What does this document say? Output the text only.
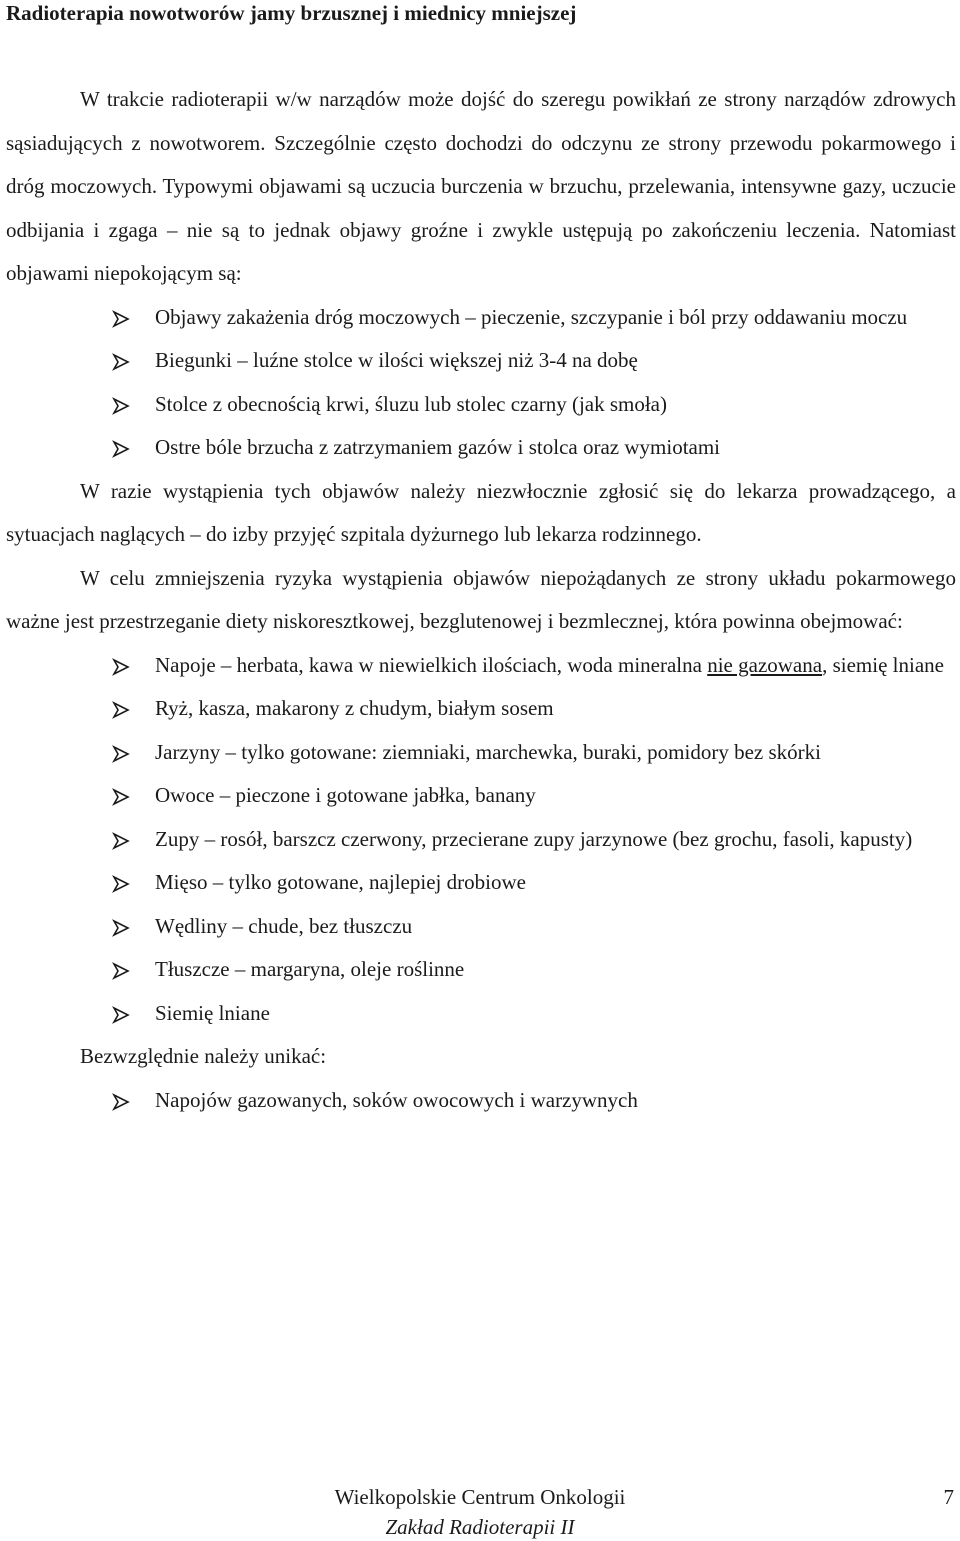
Radioterapia nowotworów jamy brzusznej i miednicy mniejszej

W trakcie radioterapii w/w narządów może dojść do szeregu powikłań ze strony narządów zdrowych sąsiadujących z nowotworem. Szczególnie często dochodzi do odczynu ze strony przewodu pokarmowego i dróg moczowych. Typowymi objawami są uczucia burczenia w brzuchu, przelewania, intensywne gazy, uczucie odbijania i zgaga – nie są to jednak objawy groźne i zwykle ustępują po zakończeniu leczenia. Natomiast objawami niepokojącym są:

Objawy zakażenia dróg moczowych – pieczenie, szczypanie i ból przy oddawaniu moczu
Biegunki – luźne stolce w ilości większej niż 3-4 na dobę
Stolce z obecnością krwi, śluzu lub stolec czarny (jak smoła)
Ostre bóle brzucha z zatrzymaniem gazów i stolca oraz wymiotami

W razie wystąpienia tych objawów należy niezwłocznie zgłosić się do lekarza prowadzącego, a sytuacjach naglących – do izby przyjęć szpitala dyżurnego lub lekarza rodzinnego.

W celu zmniejszenia ryzyka wystąpienia objawów niepożądanych ze strony układu pokarmowego ważne jest przestrzeganie diety niskoresztkowej, bezglutenowej i bezmlecznej, która powinna obejmować:

Napoje – herbata, kawa w niewielkich ilościach, woda mineralna nie gazowana, siemię lniane
Ryż, kasza, makarony z chudym, białym sosem
Jarzyny – tylko gotowane: ziemniaki, marchewka, buraki, pomidory bez skórki
Owoce – pieczone i gotowane jabłka, banany
Zupy – rosół, barszcz czerwony, przecierane zupy jarzynowe (bez grochu, fasoli, kapusty)
Mięso – tylko gotowane, najlepiej drobiowe
Wędliny – chude, bez tłuszczu
Tłuszcze – margaryna, oleje roślinne
Siemię lniane

Bezwzględnie należy unikać:

Napojów gazowanych, soków owocowych i warzywnych
Wielkopolskie Centrum Onkologii
Zakład Radioterapii II
7
